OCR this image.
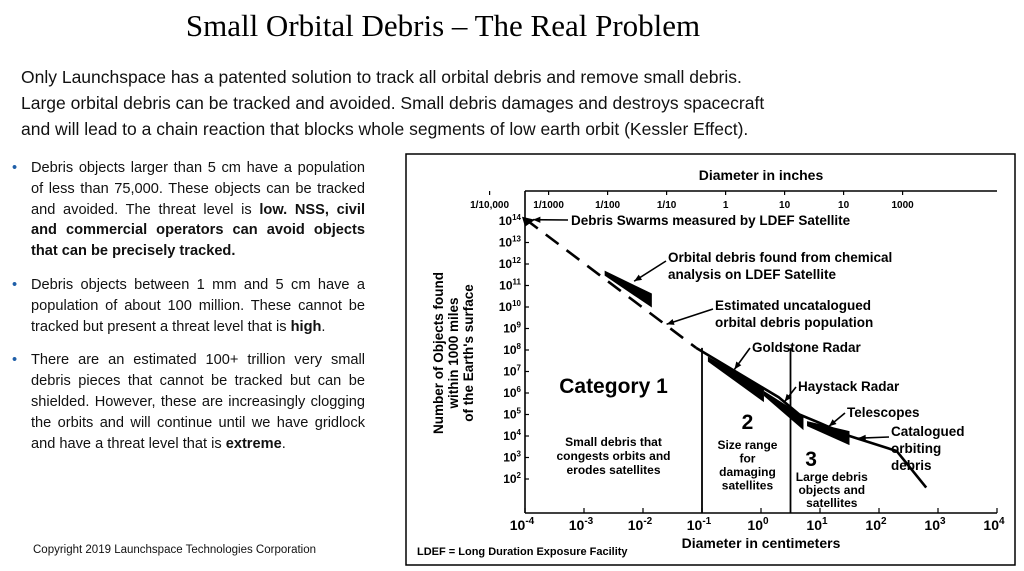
Small Orbital Debris – The Real Problem
Only Launchspace has a patented solution to track all orbital debris and remove small debris.
Large orbital debris can be tracked and avoided. Small debris damages and destroys spacecraft
and will lead to a chain reaction that blocks whole segments of low earth orbit (Kessler Effect).
• Debris objects larger than 5 cm have a population of less than 75,000. These objects can be tracked and avoided. The threat level is low. NSS, civil and commercial operators can avoid objects that can be precisely tracked.
• Debris objects between 1 mm and 5 cm have a population of about 100 million. These cannot be tracked but present a threat level that is high.
• There are an estimated 100+ trillion very small debris pieces that cannot be tracked but can be shielded. However, these are increasingly clogging the orbits and will continue until we have gridlock and have a threat level that is extreme.
Copyright 2019 Launchspace Technologies Corporation
Diameter in inches
1/10,000 1/1000	1/100	1/10	1	10	10	1000
$10^{14}$
$10^{13}$
$10^{12}$
$10^{11}$
$10^{10}$
$10^9$
$10^8$
$10^7$
$10^6$
$10^5$
$10^4$
$10^3$
$10^2$
Number of Objects foundwithin 1000 milesof the Earth's surface
$10^{-4}$ $10^{-3}$ $10^{-2}$ $10^{-1}$	$10^0$	$10^1$	$10^2$	$10^3$	$10^4$
Diameter in centimeters
LDEF = Long Duration Exposure Facility
Debris Swarms measured by LDEF Satellite
Orbital debris found from chemical analysis on LDEF Satellite
Estimated uncatalogued orbital debris population
Goldstone Radar
Haystack Radar
Telescopes
Catalogued orbiting debris
Category 1
Small debris that congests orbits and erodes satellites
2
Size range for damaging satellites
3
Large debris objects and satellites
